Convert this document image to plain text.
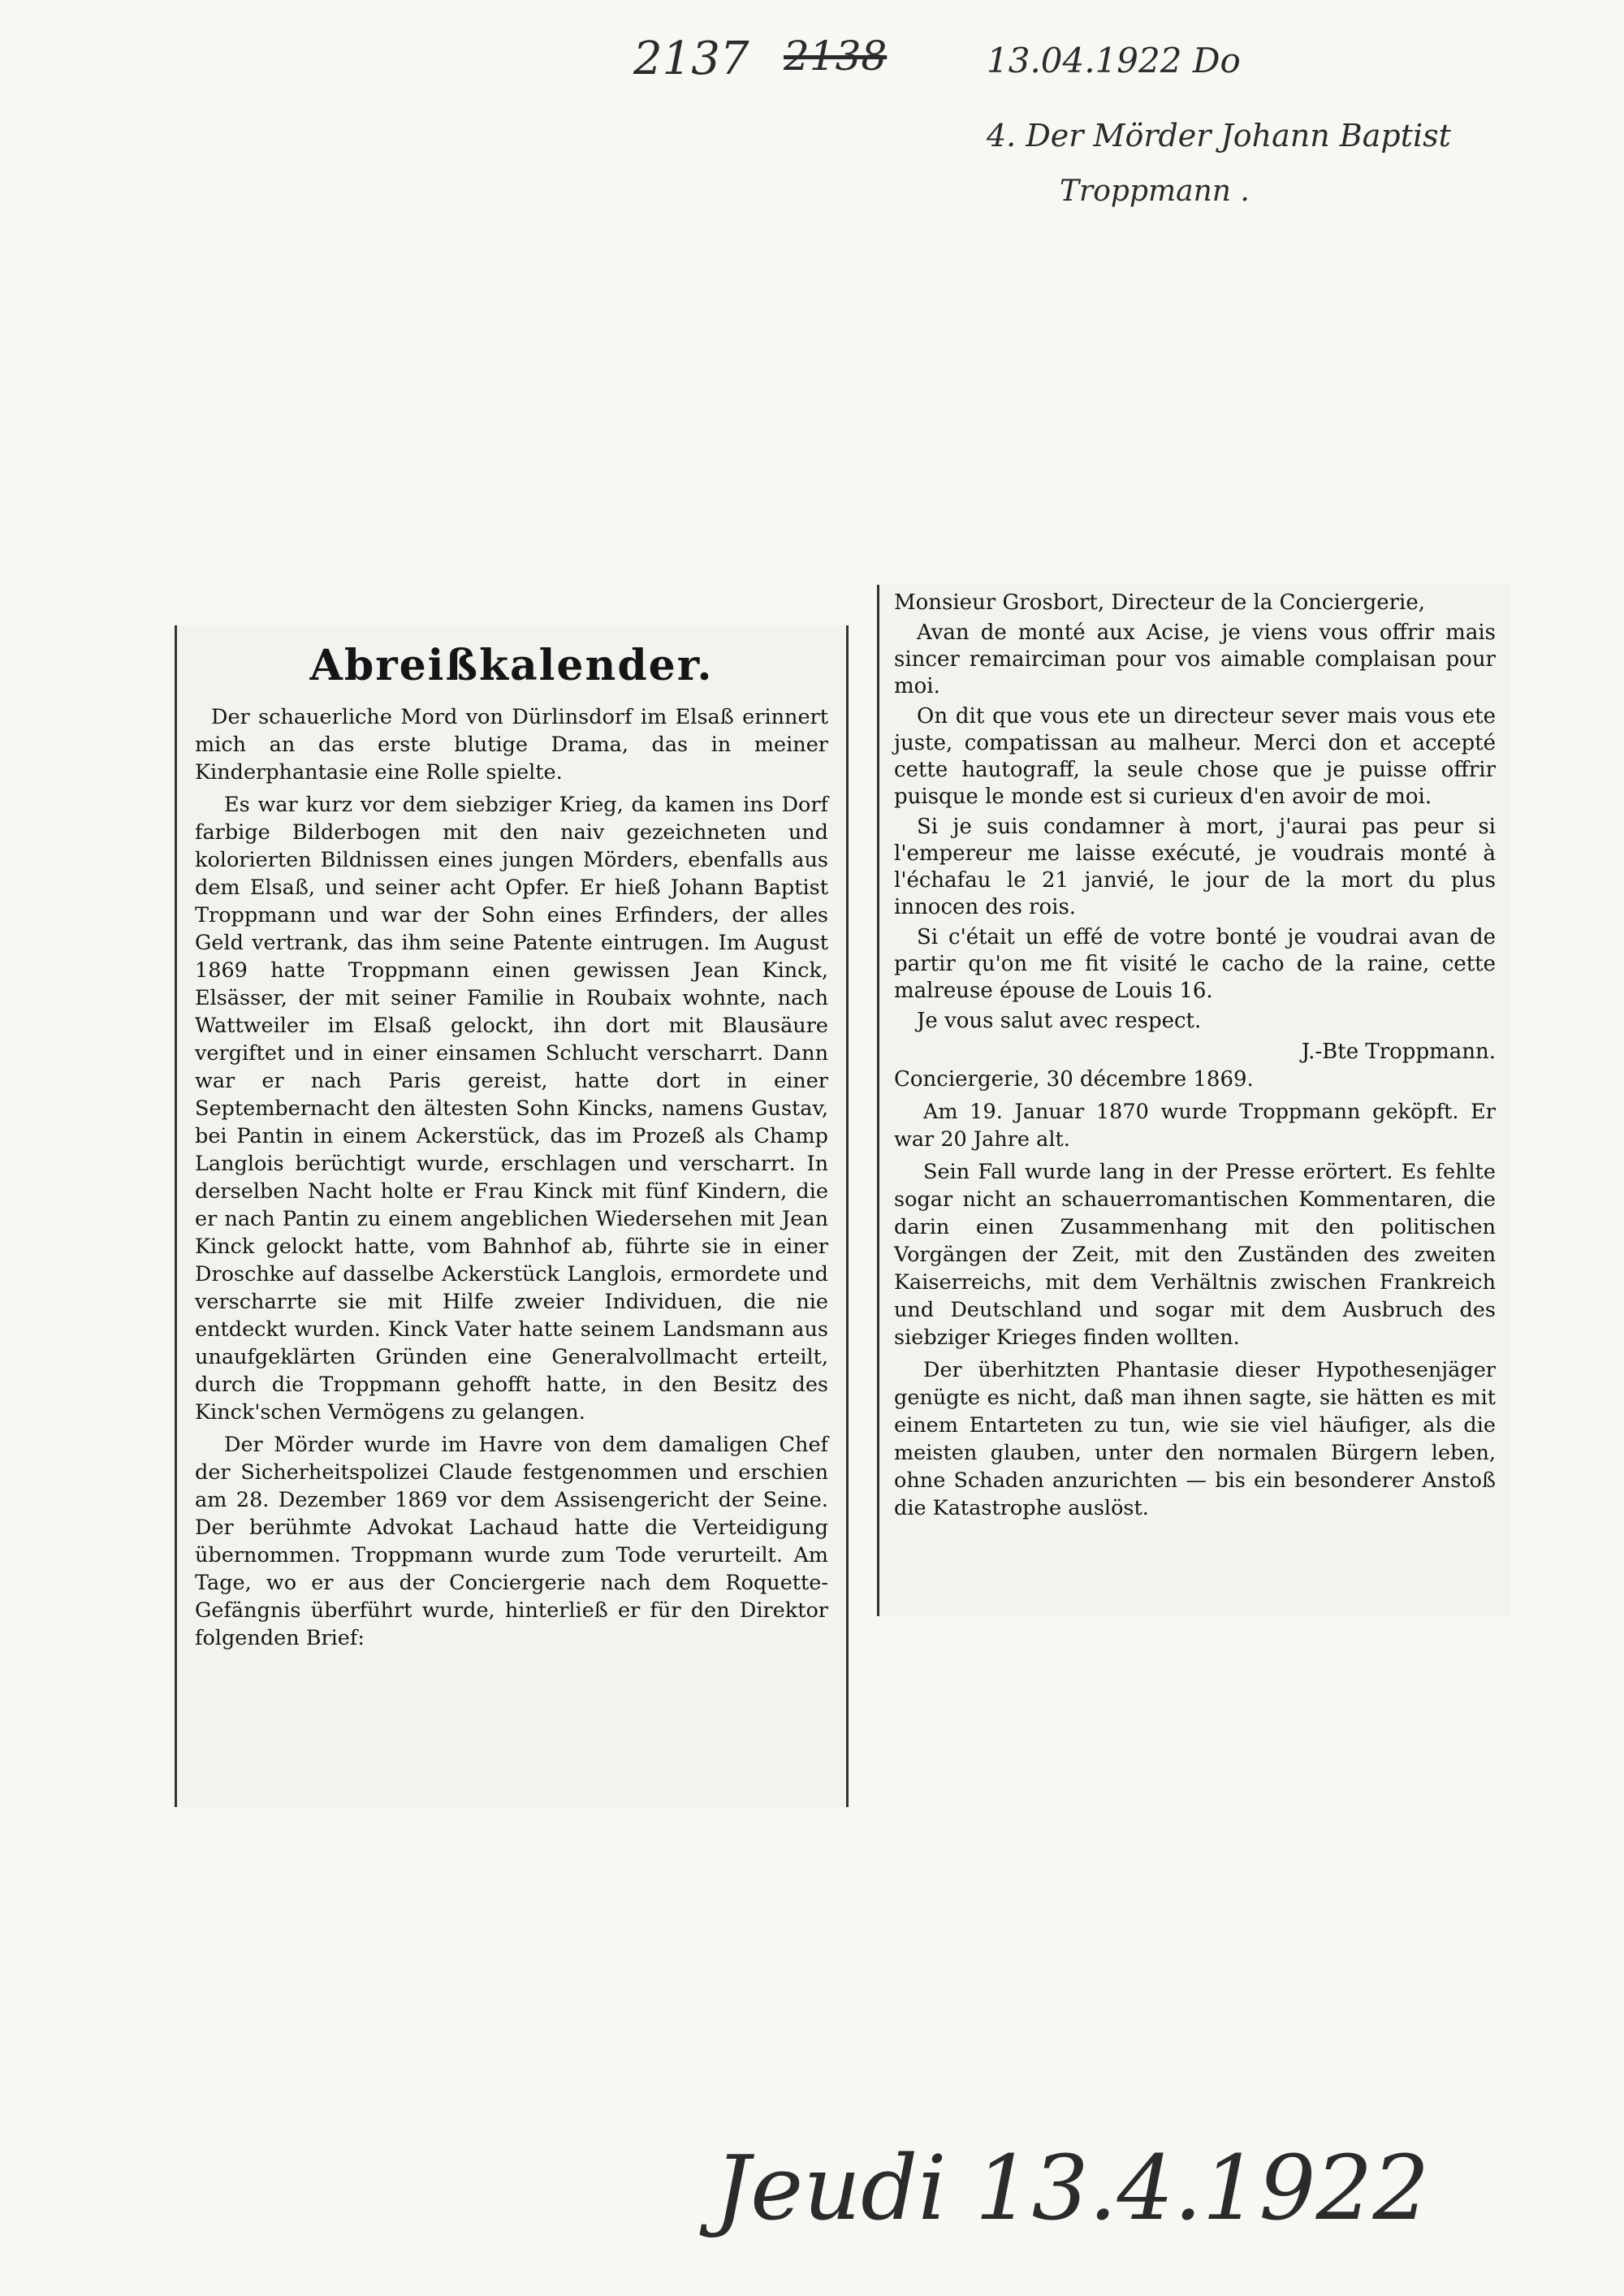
2137 2138	13.04.1922 Do
4. Der Mörder Johann Baptist
Troppmann .
Abreißkalender.

Der schauerliche Mord von Dürlinsdorf im Elsaß erinnert mich an das erste blutige Drama, das in meiner Kinderphantasie eine Rolle spielte.

Es war kurz vor dem siebziger Krieg, da kamen ins Dorf farbige Bilderbogen mit den naiv gezeichneten und kolorierten Bildnissen eines jungen Mörders, ebenfalls aus dem Elsaß, und seiner acht Opfer. Er hieß Johann Baptist Troppmann und war der Sohn eines Erfinders, der alles Geld vertrank, das ihm seine Patente eintrugen. Im August 1869 hatte Troppmann einen gewissen Jean Kinck, Elsässer, der mit seiner Familie in Roubaix wohnte, nach Wattweiler im Elsaß gelockt, ihn dort mit Blausäure vergiftet und in einer einsamen Schlucht verscharrt. Dann war er nach Paris gereist, hatte dort in einer Septembernacht den ältesten Sohn Kincks, namens Gustav, bei Pantin in einem Ackerstück, das im Prozeß als Champ Langlois berüchtigt wurde, erschlagen und verscharrt. In derselben Nacht holte er Frau Kinck mit fünf Kindern, die er nach Pantin zu einem angeblichen Wiedersehen mit Jean Kinck gelockt hatte, vom Bahnhof ab, führte sie in einer Droschke auf dasselbe Ackerstück Langlois, ermordete und verscharrte sie mit Hilfe zweier Individuen, die nie entdeckt wurden. Kinck Vater hatte seinem Landsmann aus unaufgeklärten Gründen eine Generalvollmacht erteilt, durch die Troppmann gehofft hatte, in den Besitz des Kinck'schen Vermögens zu gelangen.

Der Mörder wurde im Havre von dem damaligen Chef der Sicherheitspolizei Claude festgenommen und erschien am 28. Dezember 1869 vor dem Assisengericht der Seine. Der berühmte Advokat Lachaud hatte die Verteidigung übernommen. Troppmann wurde zum Tode verurteilt. Am Tage, wo er aus der Conciergerie nach dem Roquette-Gefängnis überführt wurde, hinterließ er für den Direktor folgenden Brief:

Monsieur Grosbort, Directeur de la Conciergerie,

Avan de monté aux Acise, je viens vous offrir mais sincer remairciman pour vos aimable complaisan pour moi.

On dit que vous ete un directeur sever mais vous ete juste, compatissan au malheur. Merci don et accepté cette hautograff, la seule chose que je puisse offrir puisque le monde est si curieux d'en avoir de moi.

Si je suis condamner à mort, j'aurai pas peur si l'empereur me laisse exécuté, je voudrais monté à l'échafau le 21 janvié, le jour de la mort du plus innocen des rois.

Si c'était un effé de votre bonté je voudrai avan de partir qu'on me fit visité le cacho de la raine, cette malreuse épouse de Louis 16.

Je vous salut avec respect.

J.-Bte Troppmann.

Conciergerie, 30 décembre 1869.

Am 19. Januar 1870 wurde Troppmann geköpft. Er war 20 Jahre alt.

Sein Fall wurde lang in der Presse erörtert. Es fehlte sogar nicht an schauerromantischen Kommentaren, die darin einen Zusammenhang mit den politischen Vorgängen der Zeit, mit den Zuständen des zweiten Kaiserreichs, mit dem Verhältnis zwischen Frankreich und Deutschland und sogar mit dem Ausbruch des siebziger Krieges finden wollten.

Der überhitzten Phantasie dieser Hypothesenjäger genügte es nicht, daß man ihnen sagte, sie hätten es mit einem Entarteten zu tun, wie sie viel häufiger, als die meisten glauben, unter den normalen Bürgern leben, ohne Schaden anzurichten — bis ein besonderer Anstoß die Katastrophe auslöst.

Jeudi 13.4.1922
